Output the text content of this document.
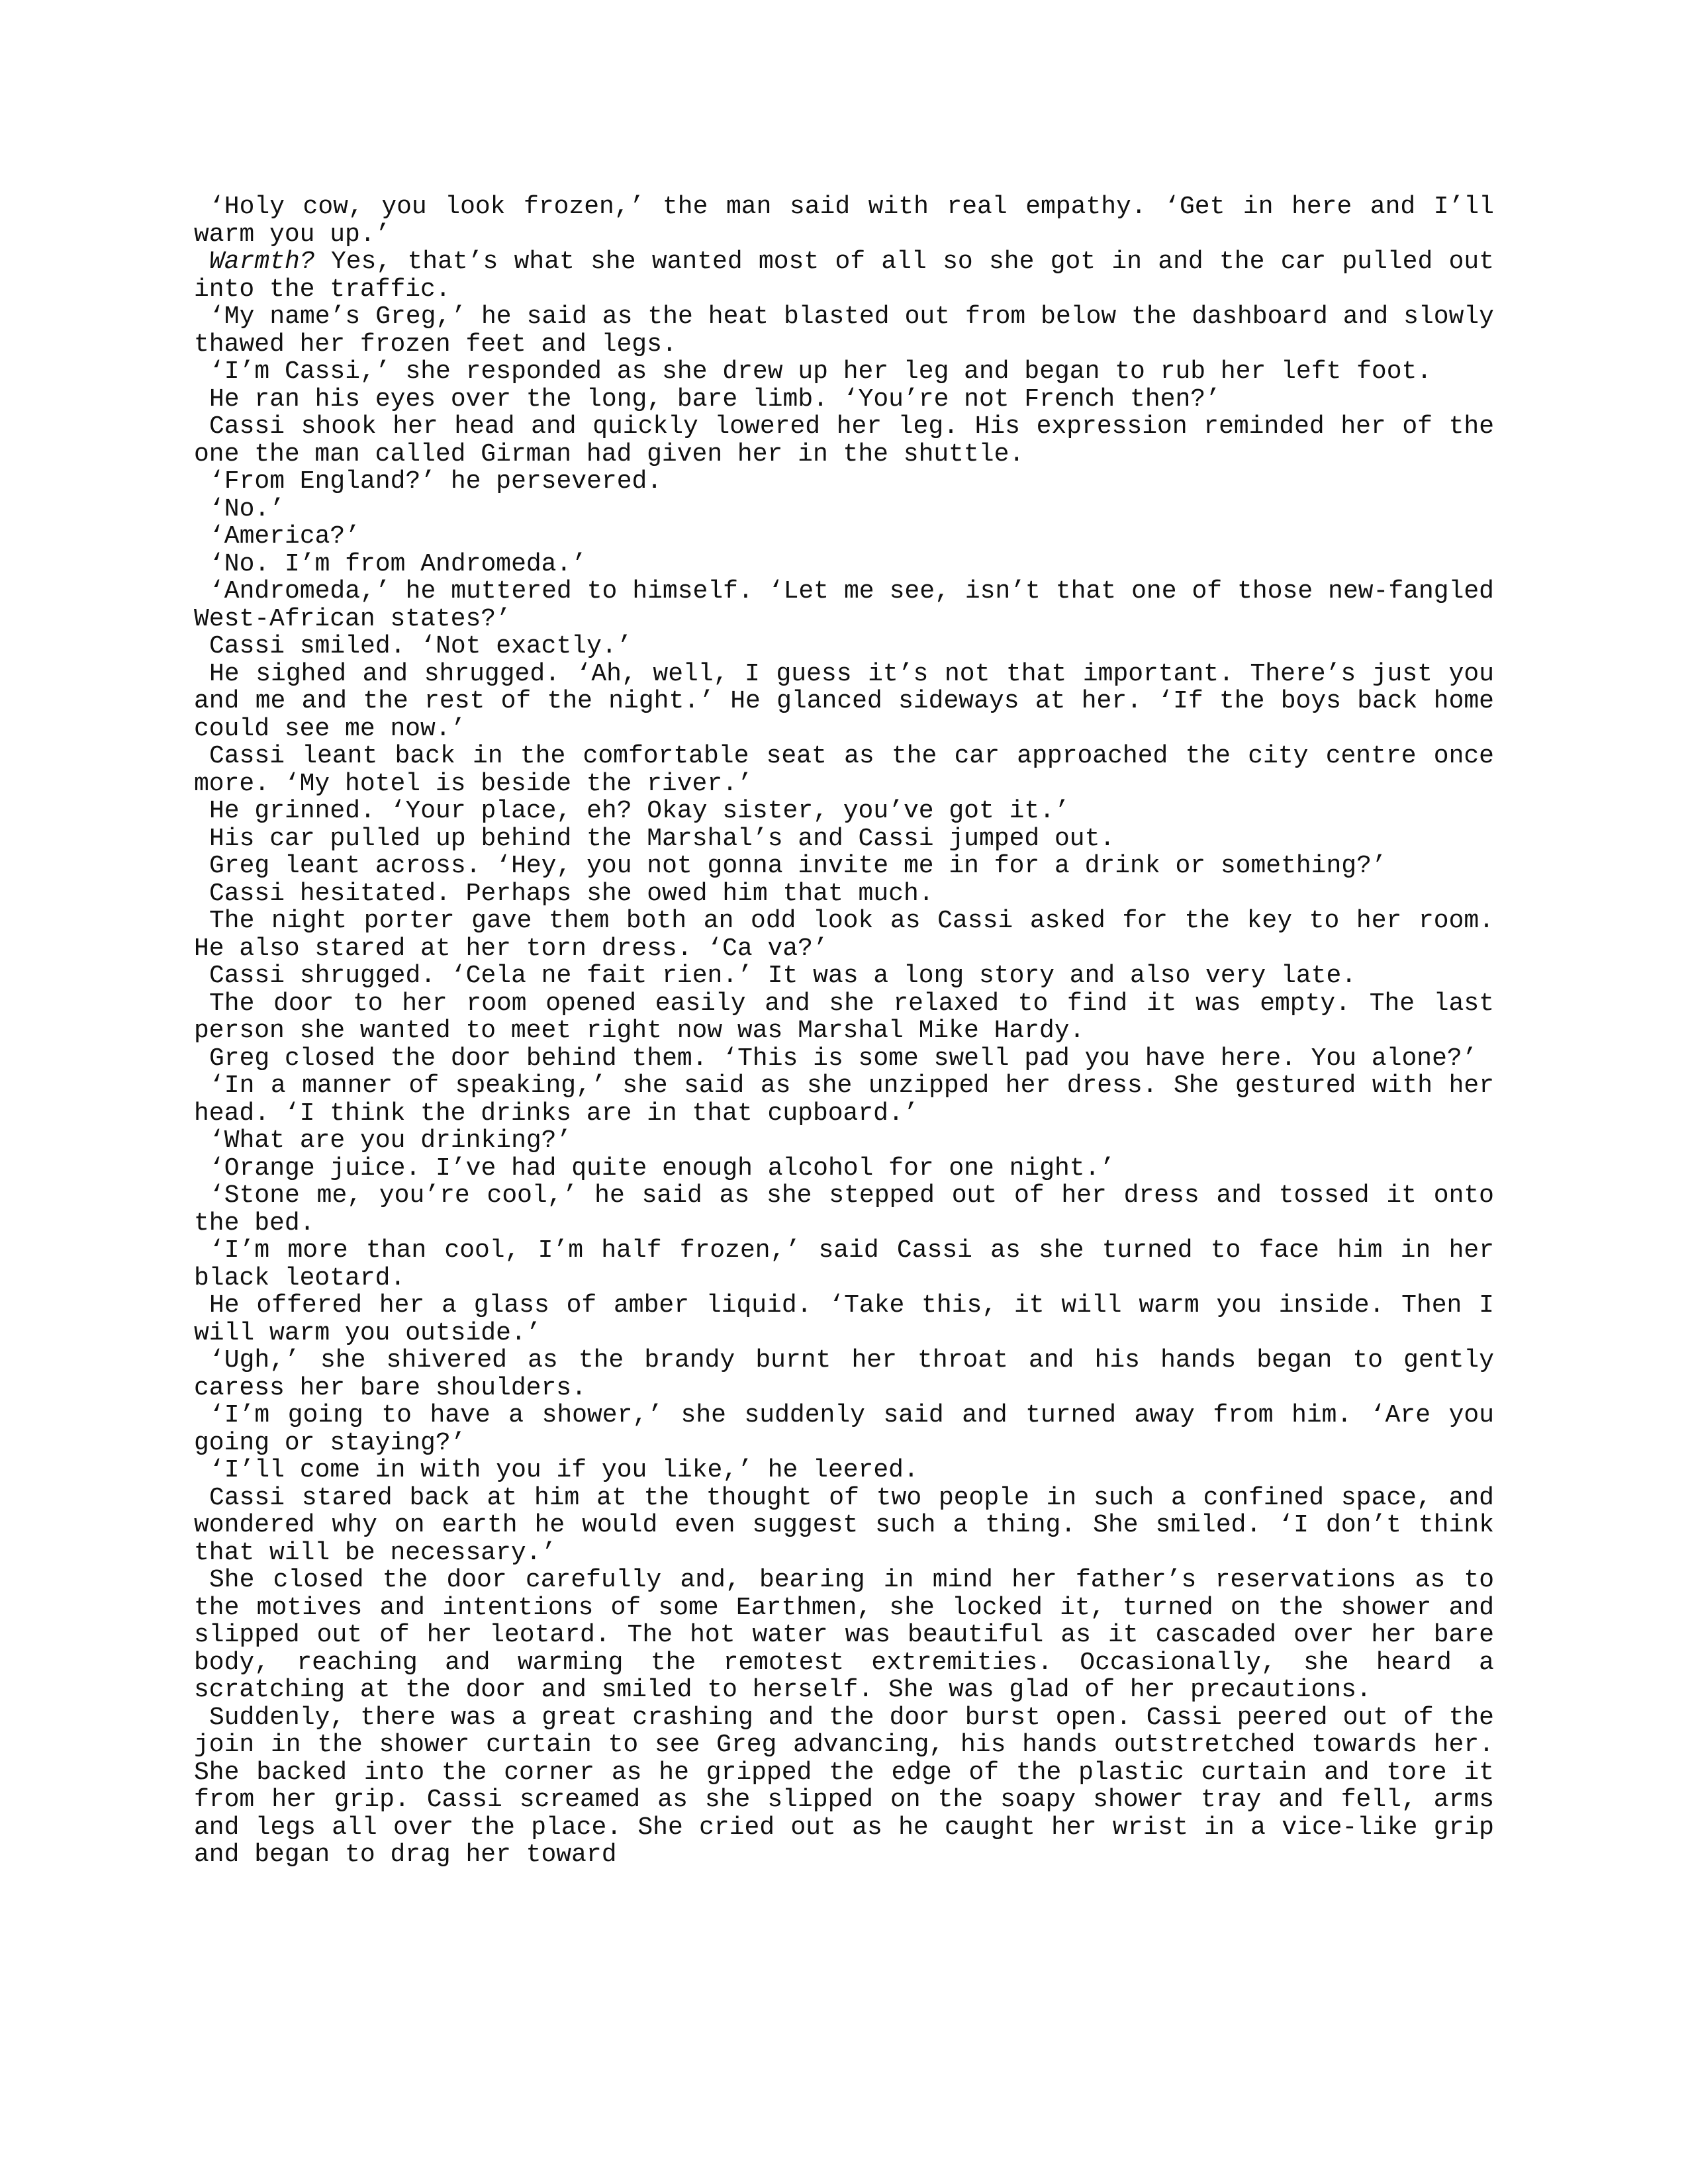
‘Holy cow, you look frozen,’ the man said with real empathy. ‘Get in here and I’ll warm you up.’

Warmth? Yes, that’s what she wanted most of all so she got in and the car pulled out into the traffic.

‘My name’s Greg,’ he said as the heat blasted out from below the dashboard and slowly thawed her frozen feet and legs.

‘I’m Cassi,’ she responded as she drew up her leg and began to rub her left foot.

He ran his eyes over the long, bare limb. ‘You’re not French then?’

Cassi shook her head and quickly lowered her leg. His expression reminded her of the one the man called Girman had given her in the shuttle.

‘From England?’ he persevered.

‘No.’

‘America?’

‘No. I’m from Andromeda.’

‘Andromeda,’ he muttered to himself. ‘Let me see, isn’t that one of those new-fangled West-African states?’

Cassi smiled. ‘Not exactly.’

He sighed and shrugged. ‘Ah, well, I guess it’s not that important. There’s just you and me and the rest of the night.’ He glanced sideways at her. ‘If the boys back home could see me now.’

Cassi leant back in the comfortable seat as the car approached the city centre once more. ‘My hotel is beside the river.’

He grinned. ‘Your place, eh? Okay sister, you’ve got it.’

His car pulled up behind the Marshal’s and Cassi jumped out.

Greg leant across. ‘Hey, you not gonna invite me in for a drink or something?’

Cassi hesitated. Perhaps she owed him that much.

The night porter gave them both an odd look as Cassi asked for the key to her room. He also stared at her torn dress. ‘Ca va?’

Cassi shrugged. ‘Cela ne fait rien.’ It was a long story and also very late.

The door to her room opened easily and she relaxed to find it was empty. The last person she wanted to meet right now was Marshal Mike Hardy.

Greg closed the door behind them. ‘This is some swell pad you have here. You alone?’

‘In a manner of speaking,’ she said as she unzipped her dress. She gestured with her head. ‘I think the drinks are in that cupboard.’

‘What are you drinking?’

‘Orange juice. I’ve had quite enough alcohol for one night.’

‘Stone me, you’re cool,’ he said as she stepped out of her dress and tossed it onto the bed.

‘I’m more than cool, I’m half frozen,’ said Cassi as she turned to face him in her black leotard.

He offered her a glass of amber liquid. ‘Take this, it will warm you inside. Then I will warm you outside.’

‘Ugh,’ she shivered as the brandy burnt her throat and his hands began to gently caress her bare shoulders.

‘I’m going to have a shower,’ she suddenly said and turned away from him. ‘Are you going or staying?’

‘I’ll come in with you if you like,’ he leered.

Cassi stared back at him at the thought of two people in such a confined space, and wondered why on earth he would even suggest such a thing. She smiled. ‘I don’t think that will be necessary.’

She closed the door carefully and, bearing in mind her father’s reservations as to the motives and intentions of some Earthmen, she locked it, turned on the shower and slipped out of her leotard. The hot water was beautiful as it cascaded over her bare body, reaching and warming the remotest extremities. Occasionally, she heard a scratching at the door and smiled to herself. She was glad of her precautions.

Suddenly, there was a great crashing and the door burst open. Cassi peered out of the join in the shower curtain to see Greg advancing, his hands outstretched towards her. She backed into the corner as he gripped the edge of the plastic curtain and tore it from her grip. Cassi screamed as she slipped on the soapy shower tray and fell, arms and legs all over the place. She cried out as he caught her wrist in a vice-like grip and began to drag her toward
